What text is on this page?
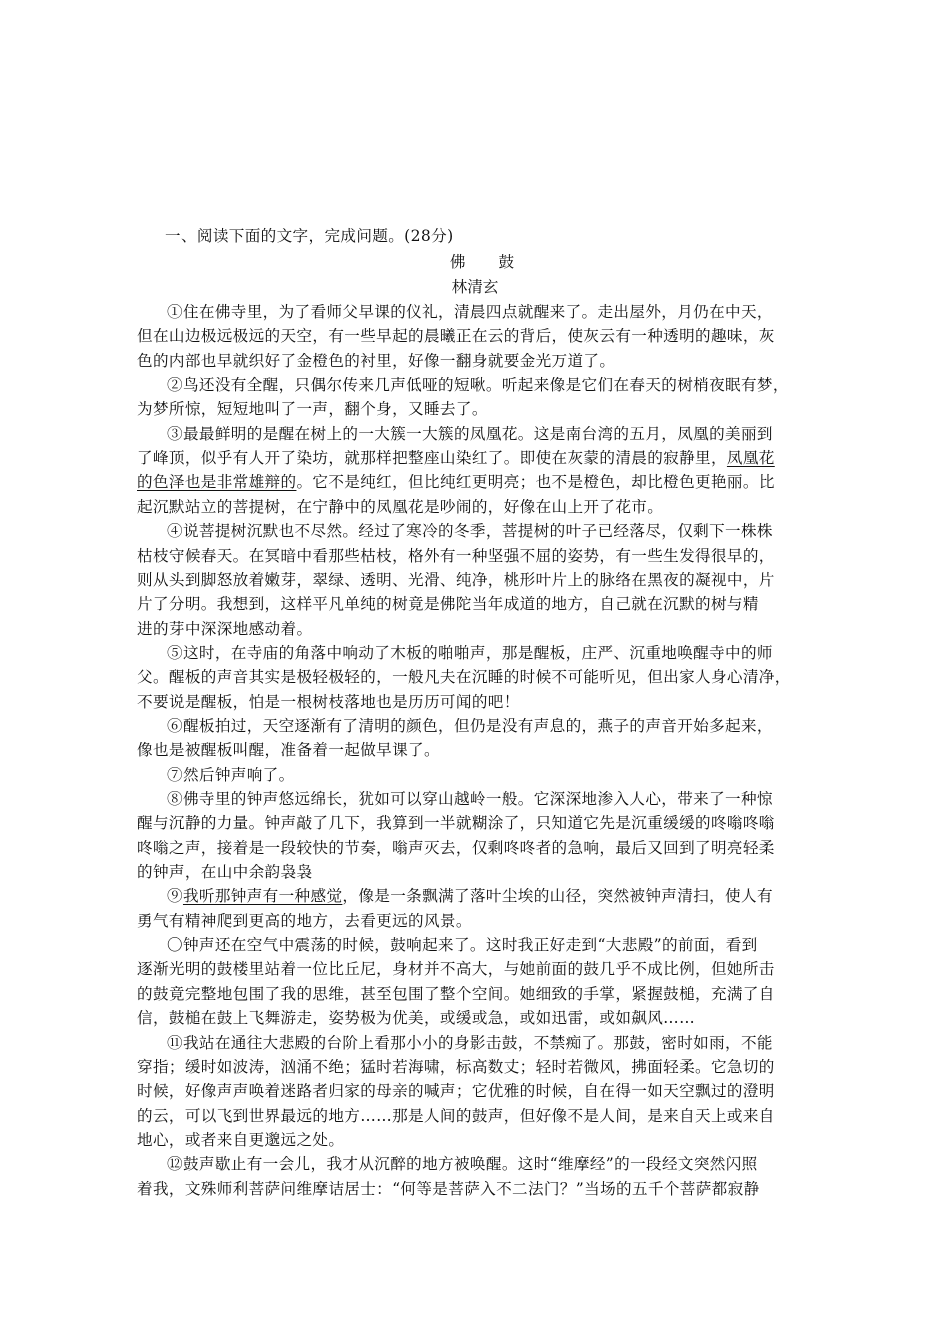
一、阅读下面的文字，完成问题。(28分)
佛 鼓
林清玄
①住在佛寺里，为了看师父早课的仪礼，清晨四点就醒来了。走出屋外，月仍在中天，
但在山边极远极远的天空，有一些早起的晨曦正在云的背后，使灰云有一种透明的趣味，灰
色的内部也早就织好了金橙色的衬里，好像一翻身就要金光万道了。
②鸟还没有全醒，只偶尔传来几声低哑的短啾。听起来像是它们在春天的树梢夜眠有梦，
为梦所惊，短短地叫了一声，翻个身，又睡去了。
③最最鲜明的是醒在树上的一大簇一大簇的凤凰花。这是南台湾的五月，凤凰的美丽到
了峰顶，似乎有人开了染坊，就那样把整座山染红了。即使在灰蒙的清晨的寂静里，凤凰花
的色泽也是非常雄辩的。它不是纯红，但比纯红更明亮；也不是橙色，却比橙色更艳丽。比
起沉默站立的菩提树，在宁静中的凤凰花是吵闹的，好像在山上开了花市。
④说菩提树沉默也不尽然。经过了寒冷的冬季，菩提树的叶子已经落尽，仅剩下一株株
枯枝守候春天。在冥暗中看那些枯枝，格外有一种坚强不屈的姿势，有一些生发得很早的，
则从头到脚怒放着嫩芽，翠绿、透明、光滑、纯净，桃形叶片上的脉络在黑夜的凝视中，片
片了分明。我想到，这样平凡单纯的树竟是佛陀当年成道的地方，自己就在沉默的树与精
进的芽中深深地感动着。
⑤这时，在寺庙的角落中响动了木板的啪啪声，那是醒板，庄严、沉重地唤醒寺中的师
父。醒板的声音其实是极轻极轻的，一般凡夫在沉睡的时候不可能听见，但出家人身心清净，
不要说是醒板，怕是一根树枝落地也是历历可闻的吧！
⑥醒板拍过，天空逐渐有了清明的颜色，但仍是没有声息的，燕子的声音开始多起来，
像也是被醒板叫醒，准备着一起做早课了。
⑦然后钟声响了。
⑧佛寺里的钟声悠远绵长，犹如可以穿山越岭一般。它深深地渗入人心，带来了一种惊
醒与沉静的力量。钟声敲了几下，我算到一半就糊涂了，只知道它先是沉重缓缓的咚嗡咚嗡
咚嗡之声，接着是一段较快的节奏，嗡声灭去，仅剩咚咚者的急响，最后又回到了明亮轻柔
的钟声，在山中余韵袅袅
⑨我听那钟声有一种感觉，像是一条飘满了落叶尘埃的山径，突然被钟声清扫，使人有
勇气有精神爬到更高的地方，去看更远的风景。
〇钟声还在空气中震荡的时候，鼓响起来了。这时我正好走到“大悲殿”的前面，看到
逐渐光明的鼓楼里站着一位比丘尼，身材并不高大，与她前面的鼓几乎不成比例，但她所击
的鼓竟完整地包围了我的思维，甚至包围了整个空间。她细致的手掌，紧握鼓槌，充满了自
信，鼓槌在鼓上飞舞游走，姿势极为优美，或缓或急，或如迅雷，或如飙风……
⑪我站在通往大悲殿的台阶上看那小小的身影击鼓，不禁痴了。那鼓，密时如雨，不能
穿指；缓时如波涛，汹涌不绝；猛时若海啸，标高数丈；轻时若微风，拂面轻柔。它急切的
时候，好像声声唤着迷路者归家的母亲的喊声；它优雅的时候，自在得一如天空飘过的澄明
的云，可以飞到世界最远的地方……那是人间的鼓声，但好像不是人间，是来自天上或来自
地心，或者来自更邈远之处。
⑫鼓声歇止有一会儿，我才从沉醉的地方被唤醒。这时“维摩经”的一段经文突然闪照
着我，文殊师利菩萨问维摩诘居士：“何等是菩萨入不二法门？”当场的五千个菩萨都寂静
